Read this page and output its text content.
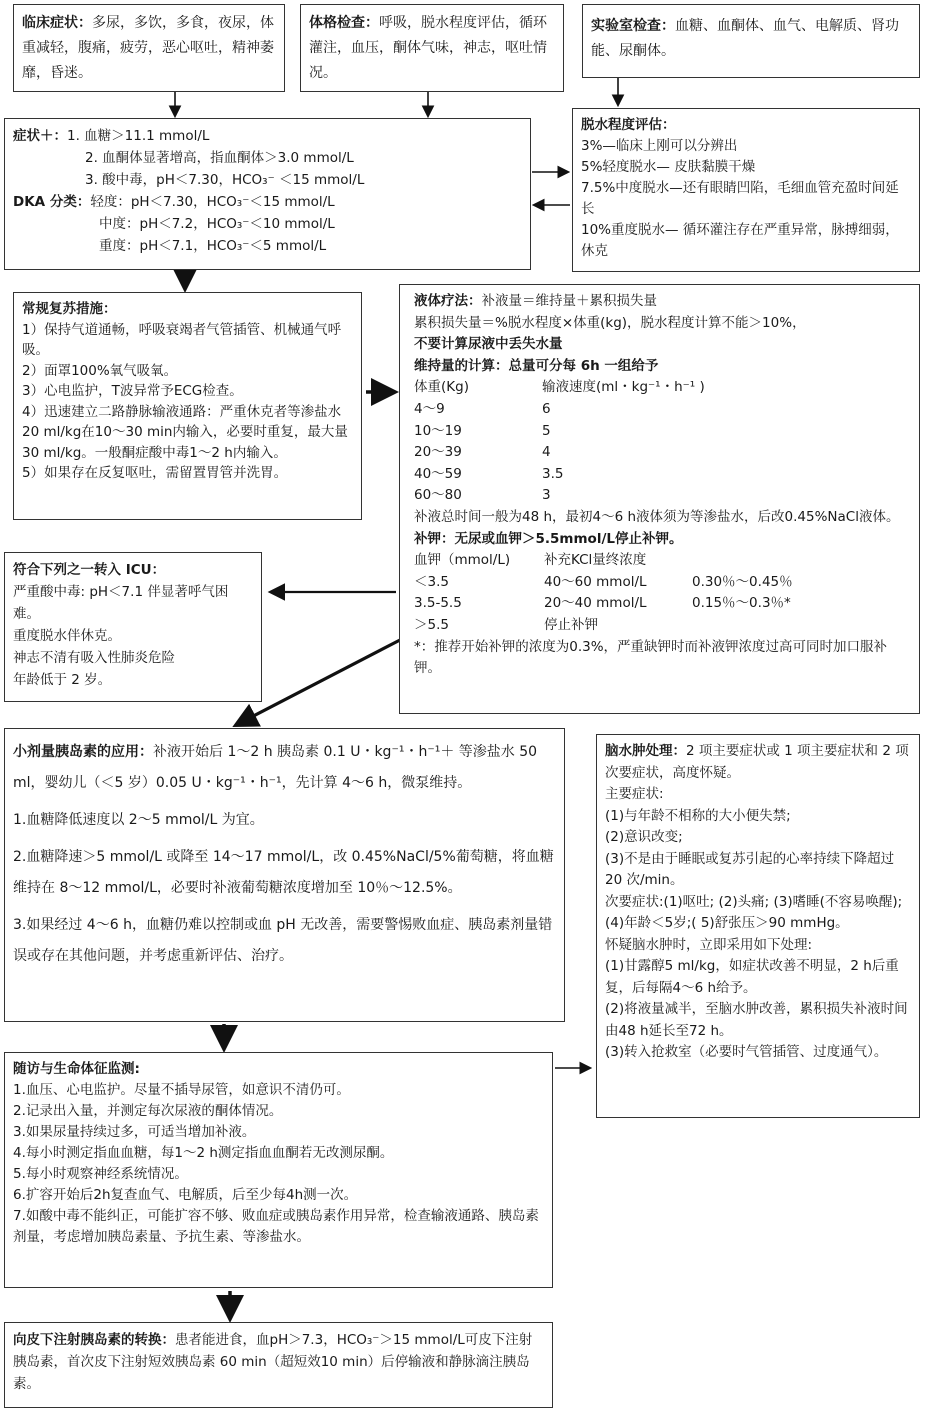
临床症状：多尿，多饮，多食，夜尿，体重减轻，腹痛，疲劳，恶心呕吐，精神萎靡，昏迷。
体格检查：呼吸，脱水程度评估，循环灌注，血压，酮体气味，神志，呕吐情况。
实验室检查：血糖、血酮体、血气、电解质、肾功能、尿酮体。
症状＋：1. 血糖＞11.1 mmol/L
2. 血酮体显著增高，指血酮体＞3.0 mmol/L
3. 酸中毒，pH＜7.30，HCO₃⁻ ＜15 mmol/L
DKA 分类：轻度：pH＜7.30，HCO₃⁻＜15 mmol/L
中度：pH＜7.2，HCO₃⁻＜10 mmol/L
重度：pH＜7.1，HCO₃⁻＜5 mmol/L
脱水程度评估：
3%—临床上刚可以分辨出
5%轻度脱水— 皮肤黏膜干燥
7.5%中度脱水—还有眼睛凹陷，毛细血管充盈时间延长
10%重度脱水— 循环灌注存在严重异常，脉搏细弱，休克
常规复苏措施：
1）保持气道通畅，呼吸衰竭者气管插管、机械通气呼吸。
2）面罩100%氧气吸氧。
3）心电监护，T波异常予ECG检查。
4）迅速建立二路静脉输液通路：严重休克者等渗盐水20 ml/kg在10～30 min内输入，必要时重复，最大量30 ml/kg。一般酮症酸中毒1～2 h内输入。
5）如果存在反复呕吐，需留置胃管并洗胃。
液体疗法：补液量＝维持量＋累积损失量
累积损失量＝%脱水程度×体重(kg)，脱水程度计算不能＞10%，
不要计算尿液中丢失水量
维持量的计算：总量可分每 6h 一组给予
体重(Kg)	输液速度(ml・kg⁻¹・h⁻¹ )
4～9	6
10～19	5
20～39	4
40～59	3.5
60～80	3
补液总时间一般为48 h，最初4～6 h液体须为等渗盐水，后改0.45%NaCl液体。
补钾：无尿或血钾＞5.5mmol/L停止补钾。
血钾（mmol/L)	补充KCl量终浓度
＜3.5	40～60 mmol/L	0.30％～0.45％
3.5-5.5	20～40 mmol/L	0.15％～0.3％*
＞5.5	停止补钾
*：推荐开始补钾的浓度为0.3%，严重缺钾时而补液钾浓度过高可同时加口服补钾。
符合下列之一转入 ICU：
严重酸中毒: pH＜7.1 伴显著呼气困难。
重度脱水伴休克。
神志不清有吸入性肺炎危险
年龄低于 2 岁。
小剂量胰岛素的应用：补液开始后 1～2 h 胰岛素 0.1 U・kg⁻¹・h⁻¹＋ 等渗盐水 50 ml，婴幼儿（＜5 岁）0.05 U・kg⁻¹・h⁻¹，先计算 4～6 h，微泵维持。
1.血糖降低速度以 2～5 mmol/L 为宜。
2.血糖降速＞5 mmol/L 或降至 14～17 mmol/L，改 0.45%NaCl/5%葡萄糖，将血糖维持在 8～12 mmol/L，必要时补液葡萄糖浓度增加至 10％～12.5%。
3.如果经过 4～6 h，血糖仍难以控制或血 pH 无改善，需要警惕败血症、胰岛素剂量错误或存在其他问题，并考虑重新评估、治疗。
脑水肿处理：2 项主要症状或 1 项主要症状和 2 项次要症状，高度怀疑。
主要症状:
(1)与年龄不相称的大小便失禁;
(2)意识改变;
(3)不是由于睡眠或复苏引起的心率持续下降超过20 次/min。
次要症状:(1)呕吐; (2)头痛; (3)嗜睡(不容易唤醒); (4)年龄＜5岁;( 5)舒张压＞90 mmHg。
怀疑脑水肿时，立即采用如下处理:
(1)甘露醇5 ml/kg，如症状改善不明显，2 h后重复，后每隔4～6 h给予。
(2)将液量减半，至脑水肿改善，累积损失补液时间由48 h延长至72 h。
(3)转入抢救室（必要时气管插管、过度通气）。
随访与生命体征监测:
1.血压、心电监护。尽量不插导尿管，如意识不清仍可。
2.记录出入量，并测定每次尿液的酮体情况。
3.如果尿量持续过多，可适当增加补液。
4.每小时测定指血血糖，每1～2 h测定指血血酮若无改测尿酮。
5.每小时观察神经系统情况。
6.扩容开始后2h复查血气、电解质，后至少每4h测一次。
7.如酸中毒不能纠正，可能扩容不够、败血症或胰岛素作用异常，检查输液通路、胰岛素剂量，考虑增加胰岛素量、予抗生素、等渗盐水。
向皮下注射胰岛素的转换：患者能进食，血pH＞7.3，HCO₃⁻＞15 mmol/L可皮下注射胰岛素，首次皮下注射短效胰岛素 60 min（超短效10 min）后停输液和静脉滴注胰岛素。
